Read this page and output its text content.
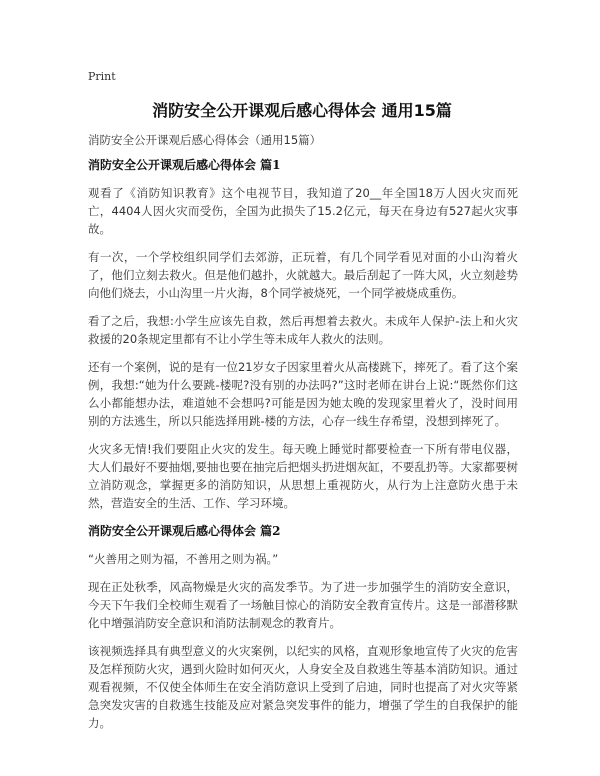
Print
消防安全公开课观后感心得体会 通用15篇
消防安全公开课观后感心得体会（通用15篇）
消防安全公开课观后感心得体会 篇1

观看了《消防知识教育》这个电视节目，我知道了20__年全国18万人因火灾而死亡，4404人因火灾而受伤，全国为此损失了15.2亿元，每天在身边有527起火灾事故。

有一次，一个学校组织同学们去郊游，正玩着，有几个同学看见对面的小山沟着火了，他们立刻去救火。但是他们越扑，火就越大。最后刮起了一阵大风，火立刻趁势向他们烧去，小山沟里一片火海，8个同学被烧死，一个同学被烧成重伤。

看了之后，我想:小学生应该先自救，然后再想着去救火。未成年人保护-法上和火灾救援的20条规定里都有不让小学生等未成年人救火的法则。

还有一个案例，说的是有一位21岁女子因家里着火从高楼跳下，摔死了。看了这个案例，我想:“她为什么要跳-楼呢?没有别的办法吗?”这时老师在讲台上说:“既然你们这么小都能想办法，难道她不会想吗?可能是因为她太晚的发现家里着火了，没时间用别的方法逃生，所以只能选择用跳-楼的方法，心存一线生存希望，没想到摔死了。

火灾多无情!我们要阻止火灾的发生。每天晚上睡觉时都要检查一下所有带电仪器，大人们最好不要抽烟,要抽也要在抽完后把烟头扔进烟灰缸，不要乱扔等。大家都要树立消防观念，掌握更多的消防知识，从思想上重视防火，从行为上注意防火患于未然，营造安全的生活、工作、学习环境。

消防安全公开课观后感心得体会 篇2

“火善用之则为福，不善用之则为祸。”

现在正处秋季，风高物燥是火灾的高发季节。为了进一步加强学生的消防安全意识，今天下午我们全校师生观看了一场触目惊心的消防安全教育宣传片。这是一部潜移默化中增强消防安全意识和消防法制观念的教育片。

该视频选择具有典型意义的火灾案例，以纪实的风格，直观形象地宣传了火灾的危害及怎样预防火灾，遇到火险时如何灭火，人身安全及自救逃生等基本消防知识。通过观看视频，不仅使全体师生在安全消防意识上受到了启迪，同时也提高了对火灾等紧急突发灾害的自救逃生技能及应对紧急突发事件的能力，增强了学生的自我保护的能力。
